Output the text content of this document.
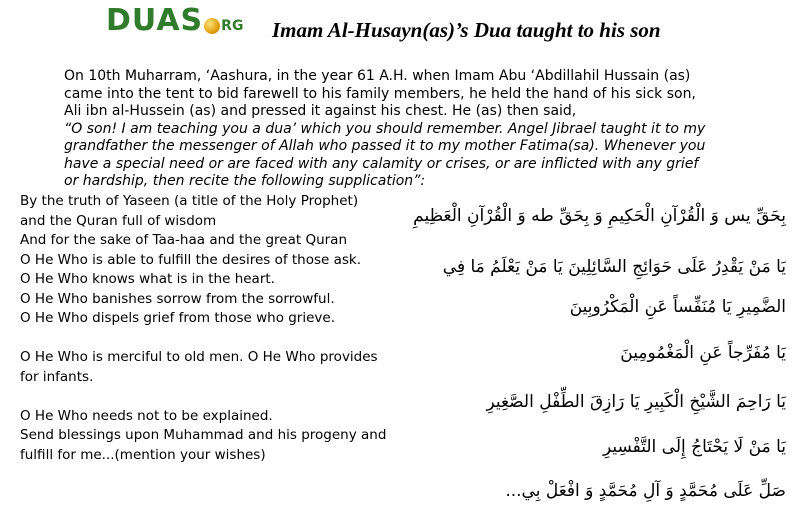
DUAS RG Imam Al-Husayn(as)’s Dua taught to his son

On 10th Muharram, ‘Aashura, in the year 61 A.H. when Imam Abu ‘Abdillahil Hussain (as)

came into the tent to bid farewell to his family members, he held the hand of his sick son,

Ali ibn al-Hussein (as) and pressed it against his chest. He (as) then said,

“O son! I am teaching you a dua’ which you should remember. Angel Jibrael taught it to my

grandfather the messenger of Allah who passed it to my mother Fatima(sa). Whenever you

have a special need or are faced with any calamity or crises, or are inflicted with any grief

or hardship, then recite the following supplication”:

By the truth of Yaseen (a title of the Holy Prophet)
and the Quran full of wisdom
And for the sake of Taa-haa and the great Quran
O He Who is able to fulfill the desires of those ask.
O He Who knows what is in the heart.
O He Who banishes sorrow from the sorrowful.
O He Who dispels grief from those who grieve.
O He Who is merciful to old men. O He Who provides
for infants.
O He Who needs not to be explained.
Send blessings upon Muhammad and his progeny and
fulfill for me...(mention your wishes)
بِحَقِّ يس وَ الْقُرْآنِ الْحَكِيمِ وَ بِحَقِّ طه وَ الْقُرْآنِ الْعَظِيمِ
يَا مَنْ يَقْدِرُ عَلَى حَوَائِجِ السَّائِلِينَ يَا مَنْ يَعْلَمُ مَا فِي
الضَّمِيرِ يَا مُنَفِّساً عَنِ الْمَكْرُوبِينَ
يَا مُفَرِّجاً عَنِ الْمَغْمُومِينَ
يَا رَاحِمَ الشَّيْخِ الْكَبِيرِ يَا رَازِقَ الطِّفْلِ الصَّغِيرِ
يَا مَنْ لَا يَحْتَاجُ إِلَى التَّفْسِيرِ
صَلِّ عَلَى مُحَمَّدٍ وَ آلِ مُحَمَّدٍ وَ افْعَلْ بِي...
